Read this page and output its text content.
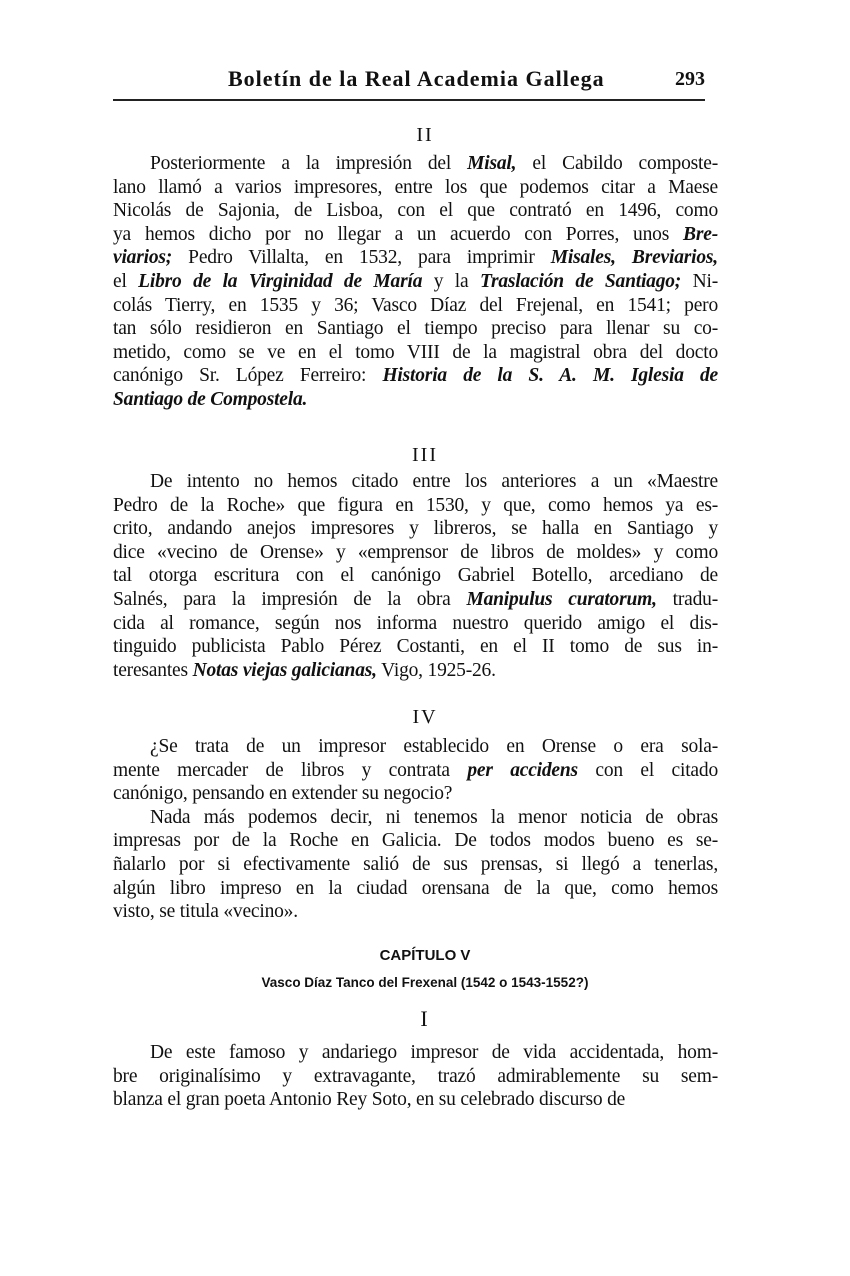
Boletín de la Real Academia Gallega	293
II
Posteriormente a la impresión del Misal, el Cabildo composte-
lano llamó a varios impresores, entre los que podemos citar a Maese
Nicolás de Sajonia, de Lisboa, con el que contrató en 1496, como
ya hemos dicho por no llegar a un acuerdo con Porres, unos Bre-
viarios; Pedro Villalta, en 1532, para imprimir Misales, Breviarios,
el Libro de la Virginidad de María y la Traslación de Santiago; Ni-
colás Tierry, en 1535 y 36; Vasco Díaz del Frejenal, en 1541; pero
tan sólo residieron en Santiago el tiempo preciso para llenar su co-
metido, como se ve en el tomo VIII de la magistral obra del docto
canónigo Sr. López Ferreiro: Historia de la S. A. M. Iglesia de
Santiago de Compostela.
III
De intento no hemos citado entre los anteriores a un «Maestre
Pedro de la Roche» que figura en 1530, y que, como hemos ya es-
crito, andando anejos impresores y libreros, se halla en Santiago y
dice «vecino de Orense» y «emprensor de libros de moldes» y como
tal otorga escritura con el canónigo Gabriel Botello, arcediano de
Salnés, para la impresión de la obra Manipulus curatorum, tradu-
cida al romance, según nos informa nuestro querido amigo el dis-
tinguido publicista Pablo Pérez Costanti, en el II tomo de sus in-
teresantes Notas viejas galicianas, Vigo, 1925-26.
IV
¿Se trata de un impresor establecido en Orense o era sola-
mente mercader de libros y contrata per accidens con el citado
canónigo, pensando en extender su negocio?
Nada más podemos decir, ni tenemos la menor noticia de obras
impresas por de la Roche en Galicia. De todos modos bueno es se-
ñalarlo por si efectivamente salió de sus prensas, si llegó a tenerlas,
algún libro impreso en la ciudad orensana de la que, como hemos
visto, se titula «vecino».
CAPÍTULO V
Vasco Díaz Tanco del Frexenal (1542 o 1543-1552?)
I
De este famoso y andariego impresor de vida accidentada, hom-
bre originalísimo y extravagante, trazó admirablemente su sem-
blanza el gran poeta Antonio Rey Soto, en su celebrado discurso de
